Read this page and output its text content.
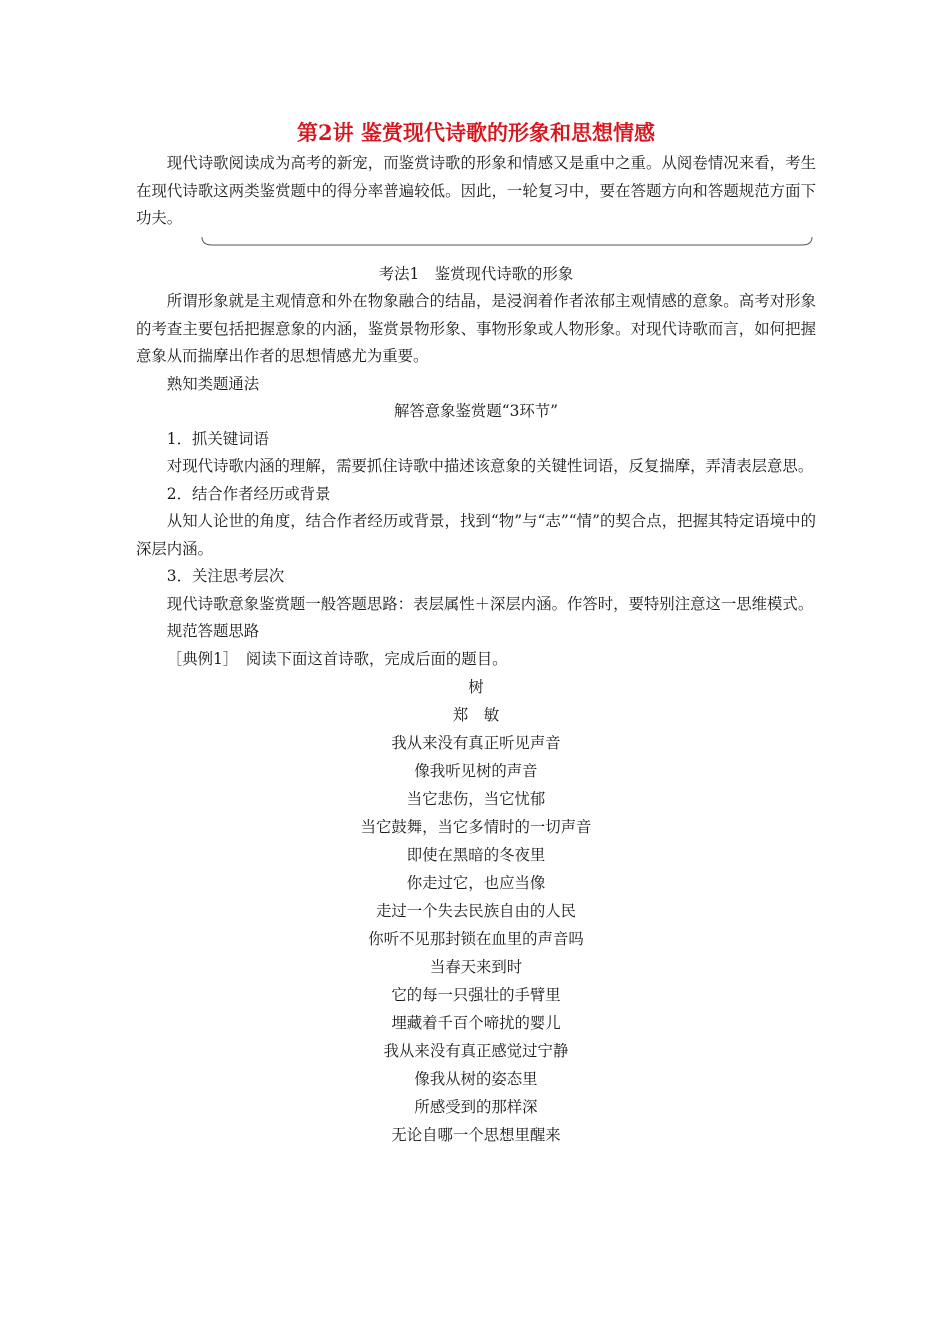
第2讲 鉴赏现代诗歌的形象和思想情感

现代诗歌阅读成为高考的新宠，而鉴赏诗歌的形象和情感又是重中之重。从阅卷情况来看，考生在现代诗歌这两类鉴赏题中的得分率普遍较低。因此，一轮复习中，要在答题方向和答题规范方面下功夫。

考法1　鉴赏现代诗歌的形象

所谓形象就是主观情意和外在物象融合的结晶，是浸润着作者浓郁主观情感的意象。高考对形象的考查主要包括把握意象的内涵，鉴赏景物形象、事物形象或人物形象。对现代诗歌而言，如何把握意象从而揣摩出作者的思想情感尤为重要。

熟知类题通法

解答意象鉴赏题“3环节”

1．抓关键词语

对现代诗歌内涵的理解，需要抓住诗歌中描述该意象的关键性词语，反复揣摩，弄清表层意思。

2．结合作者经历或背景

从知人论世的角度，结合作者经历或背景，找到“物”与“志”“情”的契合点，把握其特定语境中的深层内涵。

3．关注思考层次

现代诗歌意象鉴赏题一般答题思路：表层属性＋深层内涵。作答时，要特别注意这一思维模式。

规范答题思路

［典例1］　阅读下面这首诗歌，完成后面的题目。

树

郑　敏

我从来没有真正听见声音

像我听见树的声音

当它悲伤，当它忧郁

当它鼓舞，当它多情时的一切声音

即使在黑暗的冬夜里

你走过它，也应当像

走过一个失去民族自由的人民

你听不见那封锁在血里的声音吗

当春天来到时

它的每一只强壮的手臂里

埋藏着千百个啼扰的婴儿

我从来没有真正感觉过宁静

像我从树的姿态里

所感受到的那样深

无论自哪一个思想里醒来
